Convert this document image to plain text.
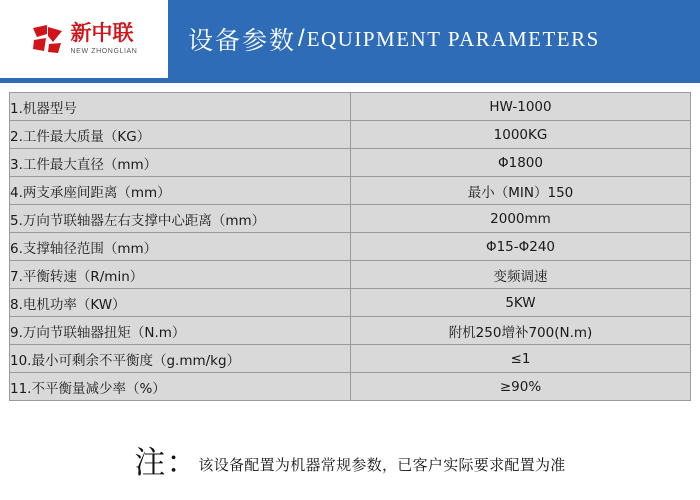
新中联
NEW ZHONGLIAN 设备参数 / EQUIPMENT PARAMETERS
1.机器型号	HW-1000
2.工件最大质量（KG）	1000KG
3.工件最大直径（mm）	Φ1800
4.两支承座间距离（mm）	最小（MIN）150
5.万向节联轴器左右支撑中心距离（mm）	2000mm
6.支撑轴径范围（mm）	Φ15-Φ240
7.平衡转速（R/min）	变频调速
8.电机功率（KW）	5KW
9.万向节联轴器扭矩（N.m）	附机250增补700(N.m)
10.最小可剩余不平衡度（g.mm/kg）	≤1
11.不平衡量减少率（%）	≥90%
注：该设备配置为机器常规参数，已客户实际要求配置为准
